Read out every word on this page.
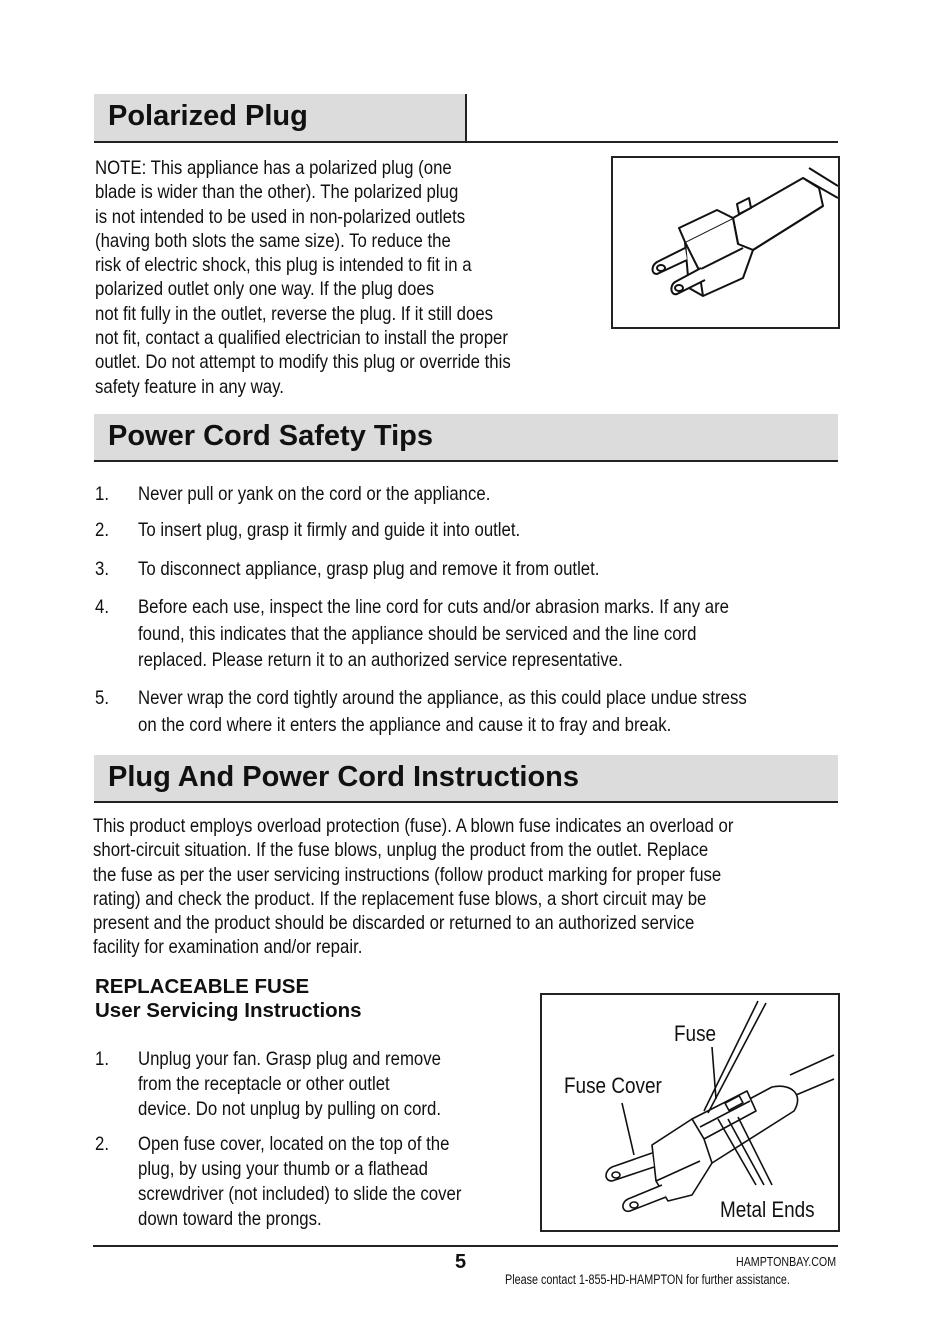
Polarized Plug
NOTE: This appliance has a polarized plug (one
blade is wider than the other). The polarized plug
is not intended to be used in non-polarized outlets
(having both slots the same size). To reduce the
risk of electric shock, this plug is intended to fit in a
polarized outlet only one way. If the plug does
not fit fully in the outlet, reverse the plug. If it still does
not fit, contact a qualified electrician to install the proper
outlet. Do not attempt to modify this plug or override this
safety feature in any way.
Power Cord Safety Tips
1. Never pull or yank on the cord or the appliance.
2. To insert plug, grasp it firmly and guide it into outlet.
3. To disconnect appliance, grasp plug and remove it from outlet.
4. Before each use, inspect the line cord for cuts and/or abrasion marks. If any are
found, this indicates that the appliance should be serviced and the line cord
replaced. Please return it to an authorized service representative.
5. Never wrap the cord tightly around the appliance, as this could place undue stress
on the cord where it enters the appliance and cause it to fray and break.
Plug And Power Cord Instructions
This product employs overload protection (fuse). A blown fuse indicates an overload or
short-circuit situation. If the fuse blows, unplug the product from the outlet. Replace
the fuse as per the user servicing instructions (follow product marking for proper fuse
rating) and check the product. If the replacement fuse blows, a short circuit may be
present and the product should be discarded or returned to an authorized service
facility for examination and/or repair.
REPLACEABLE FUSE
User Servicing Instructions
1. Unplug your fan. Grasp plug and remove
from the receptacle or other outlet
device. Do not unplug by pulling on cord.
2. Open fuse cover, located on the top of the
plug, by using your thumb or a flathead
screwdriver (not included) to slide the cover
down toward the prongs.
Fuse
Fuse Cover
Metal Ends
5	HAMPTONBAY.COM
Please contact 1-855-HD-HAMPTON for further assistance.
